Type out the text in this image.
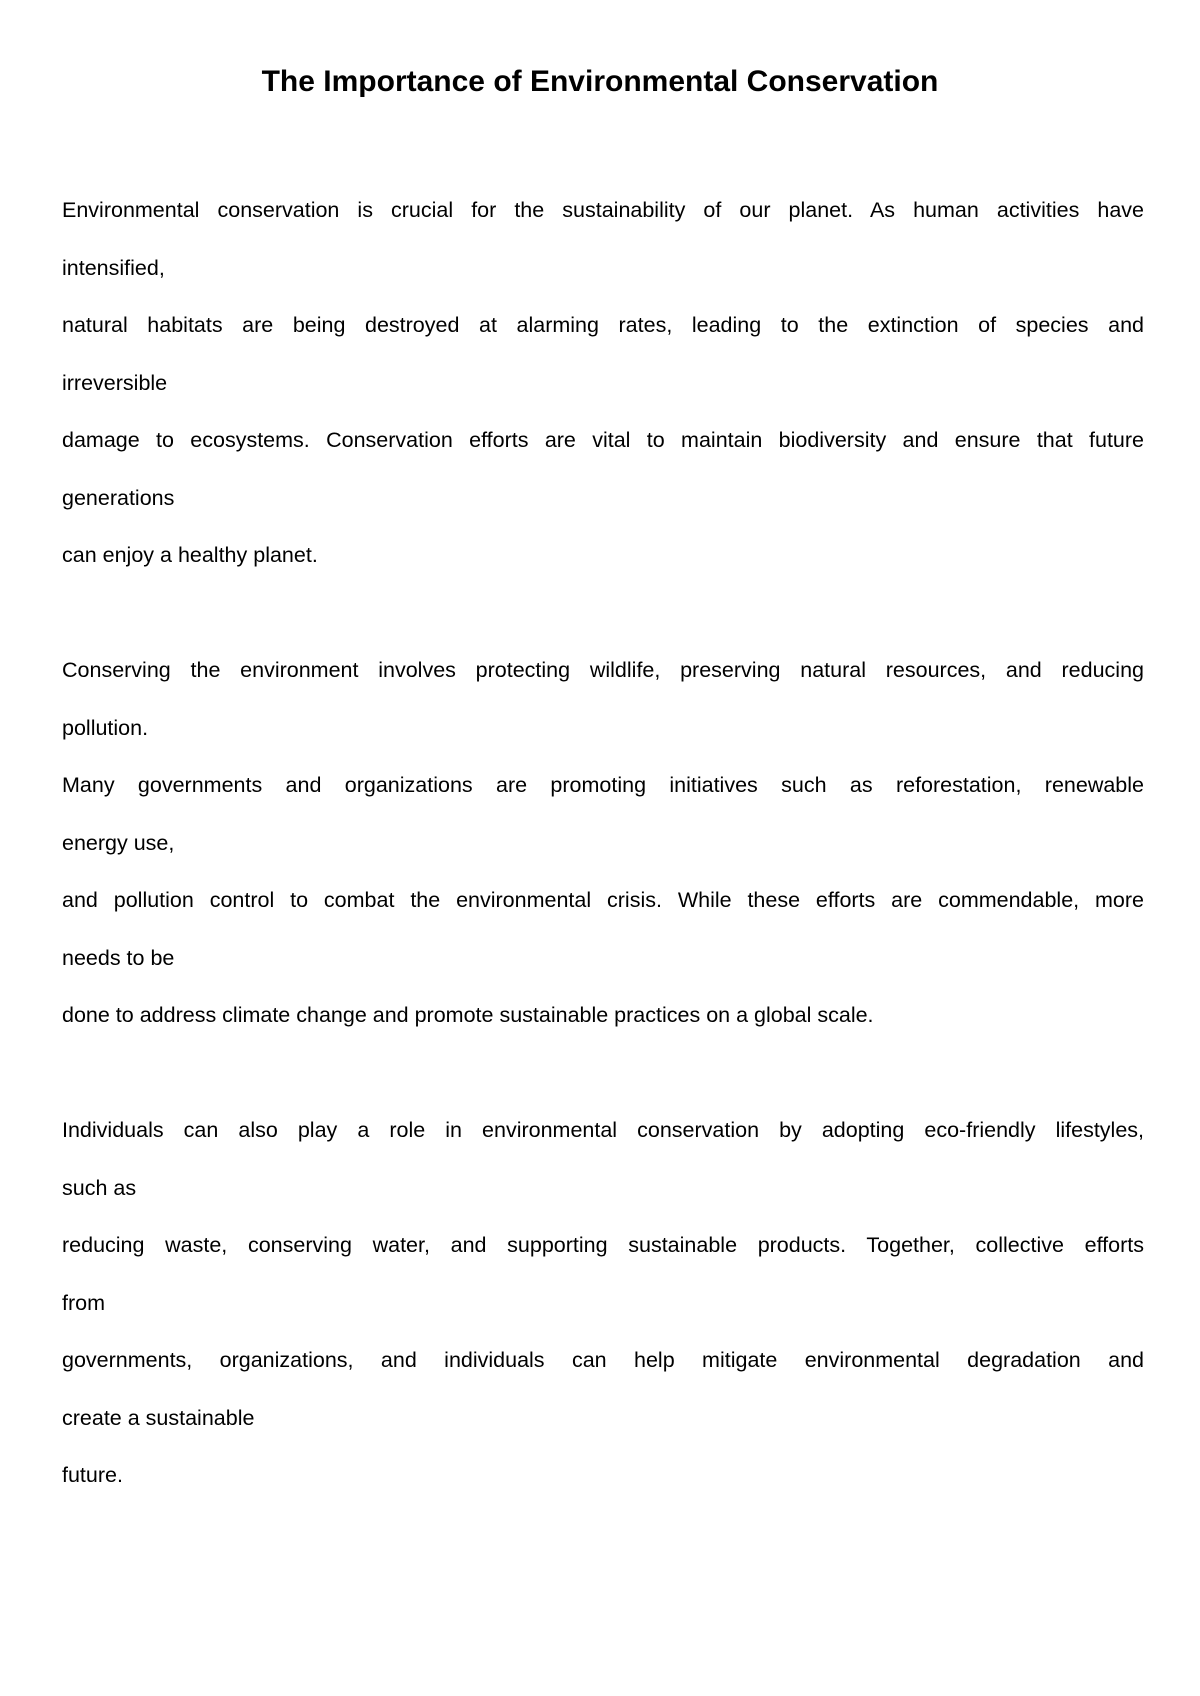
The Importance of Environmental Conservation
Environmental conservation is crucial for the sustainability of our planet. As human activities have
intensified,
natural habitats are being destroyed at alarming rates, leading to the extinction of species and
irreversible
damage to ecosystems. Conservation efforts are vital to maintain biodiversity and ensure that future
generations
can enjoy a healthy planet.
Conserving the environment involves protecting wildlife, preserving natural resources, and reducing
pollution.
Many governments and organizations are promoting initiatives such as reforestation, renewable
energy use,
and pollution control to combat the environmental crisis. While these efforts are commendable, more
needs to be
done to address climate change and promote sustainable practices on a global scale.
Individuals can also play a role in environmental conservation by adopting eco-friendly lifestyles,
such as
reducing waste, conserving water, and supporting sustainable products. Together, collective efforts
from
governments, organizations, and individuals can help mitigate environmental degradation and
create a sustainable
future.
